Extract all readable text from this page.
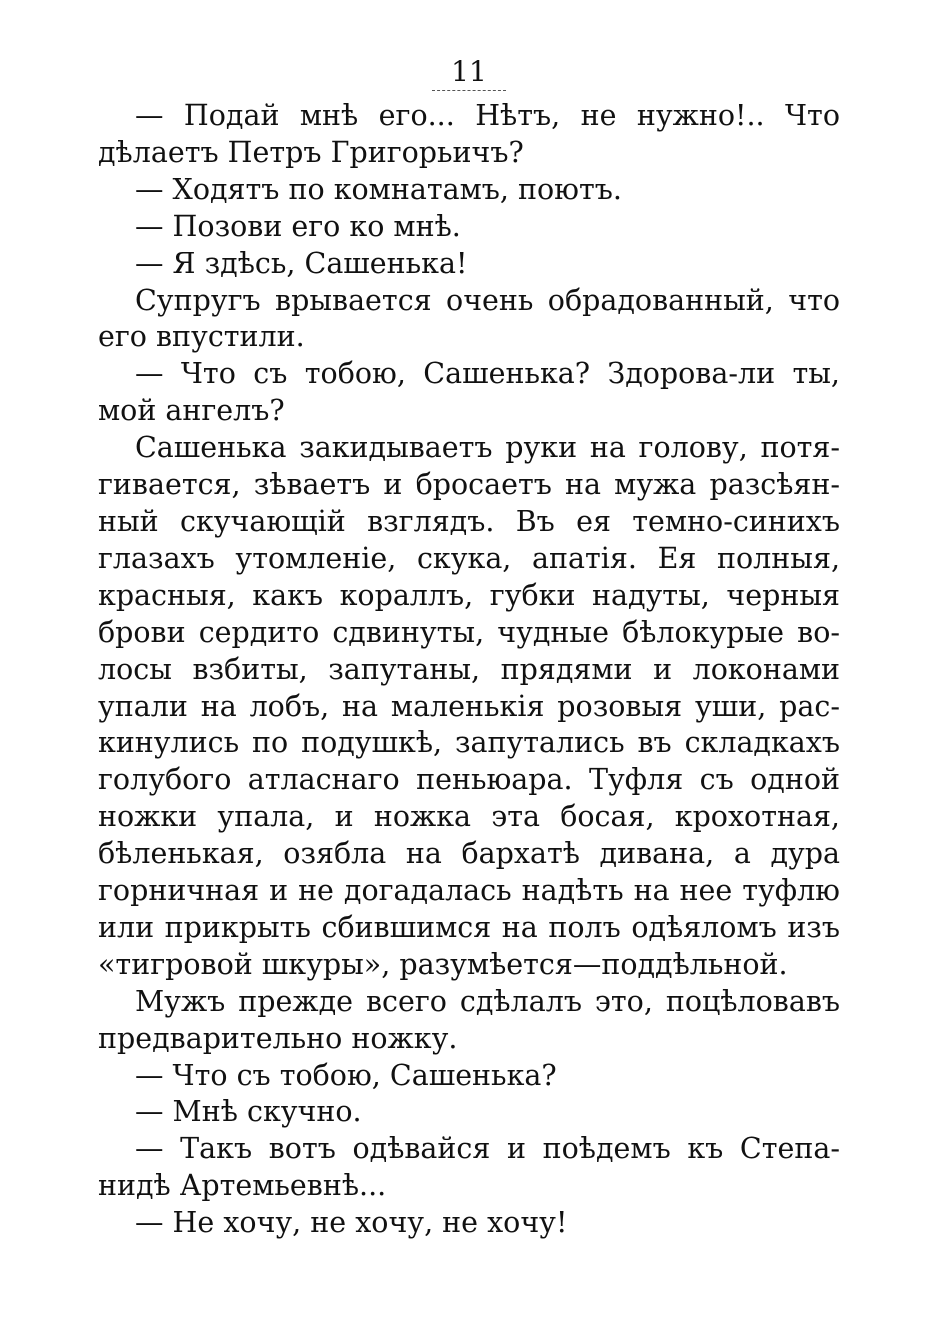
11

— Подай мнѣ его... Нѣтъ, не нужно!.. Что
дѣлаетъ Петръ Григорьичъ?

— Ходятъ по комнатамъ, поютъ.

— Позови его ко мнѣ.

— Я здѣсь, Сашенька!

Супругъ врывается очень обрадованный, что
его впустили.

— Что съ тобою, Сашенька? Здорова-ли ты,
мой ангелъ?

Сашенька закидываетъ руки на голову, потя-
гивается, зѣваетъ и бросаетъ на мужа разсѣян-
ный скучающій взглядъ. Въ ея темно-синихъ
глазахъ утомленіе, скука, апатія. Ея полныя,
красныя, какъ кораллъ, губки надуты, черныя
брови сердито сдвинуты, чудные бѣлокурые во-
лосы взбиты, запутаны, прядями и локонами
упали на лобъ, на маленькія розовыя уши, рас-
кинулись по подушкѣ, запутались въ складкахъ
голубого атласнаго пеньюара. Туфля съ одной
ножки упала, и ножка эта босая, крохотная,
бѣленькая, озябла на бархатѣ дивана, а дура
горничная и не догадалась надѣть на нее туфлю
или прикрыть сбившимся на полъ одѣяломъ изъ
«тигровой шкуры», разумѣется—поддѣльной.

Мужъ прежде всего сдѣлалъ это, поцѣловавъ
предварительно ножку.

— Что съ тобою, Сашенька?

— Мнѣ скучно.

— Такъ вотъ одѣвайся и поѣдемъ къ Степа-
нидѣ Артемьевнѣ...

— Не хочу, не хочу, не хочу!
